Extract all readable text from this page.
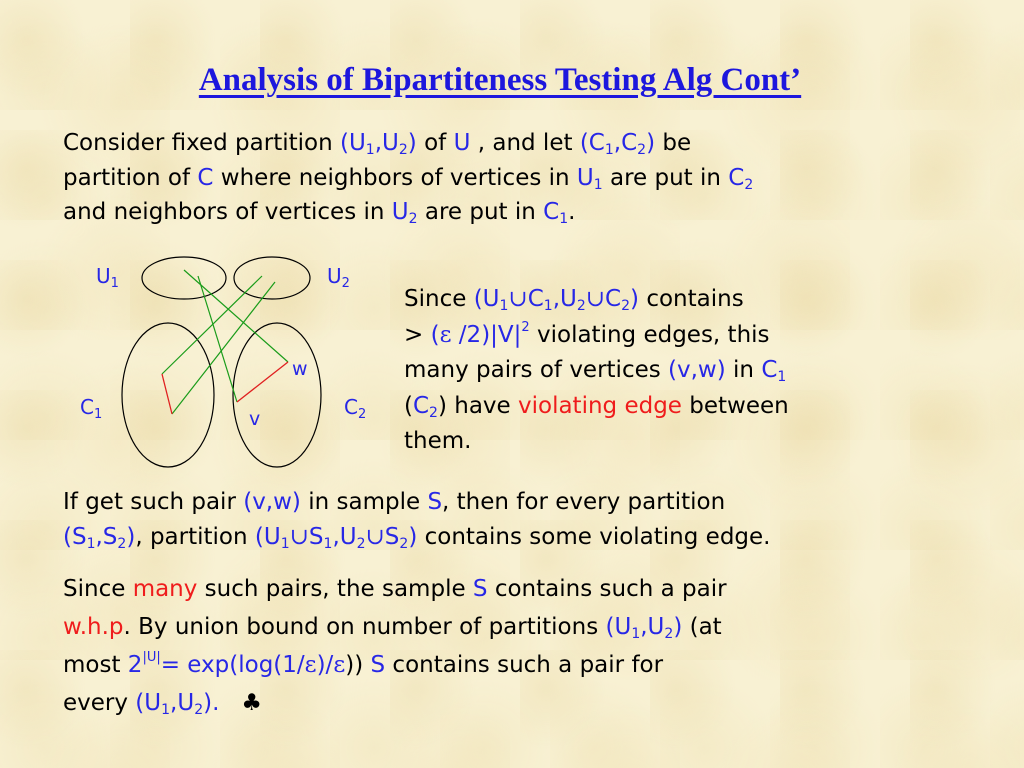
Analysis of Bipartiteness Testing Alg Cont’
Consider fixed partition $(U_1,U_2)$ of U , and let $(C_1,C_2)$ be
partition of C where neighbors of vertices in $U_1$ are put in $C_2$
and neighbors of vertices in $U_2$ are put in $C_1$.
$U_1$	$U_2$
$C_1$	$C_2$
w
v
Since $(U_1\cup C_1,U_2\cup C_2)$ contains
> (ε $/2)|V|^2$ violating edges, this
many pairs of vertices (v,w) in $C_1$
$(C_2)$ have violating edge between
them.
If get such pair (v,w) in sample S, then for every partition
$(S_1,S_2)$, partition $(U_1\cup S_1,U_2\cup S_2)$ contains some violating edge.
Since many such pairs, the sample S contains such a pair
w.h.p. By union bound on number of partitions $(U_1,U_2)$ (at
most $2^{|U|}= \exp(\log(1/\varepsilon)/\varepsilon)$) S contains such a pair for
every $(U_1,U_2)$. ♣
